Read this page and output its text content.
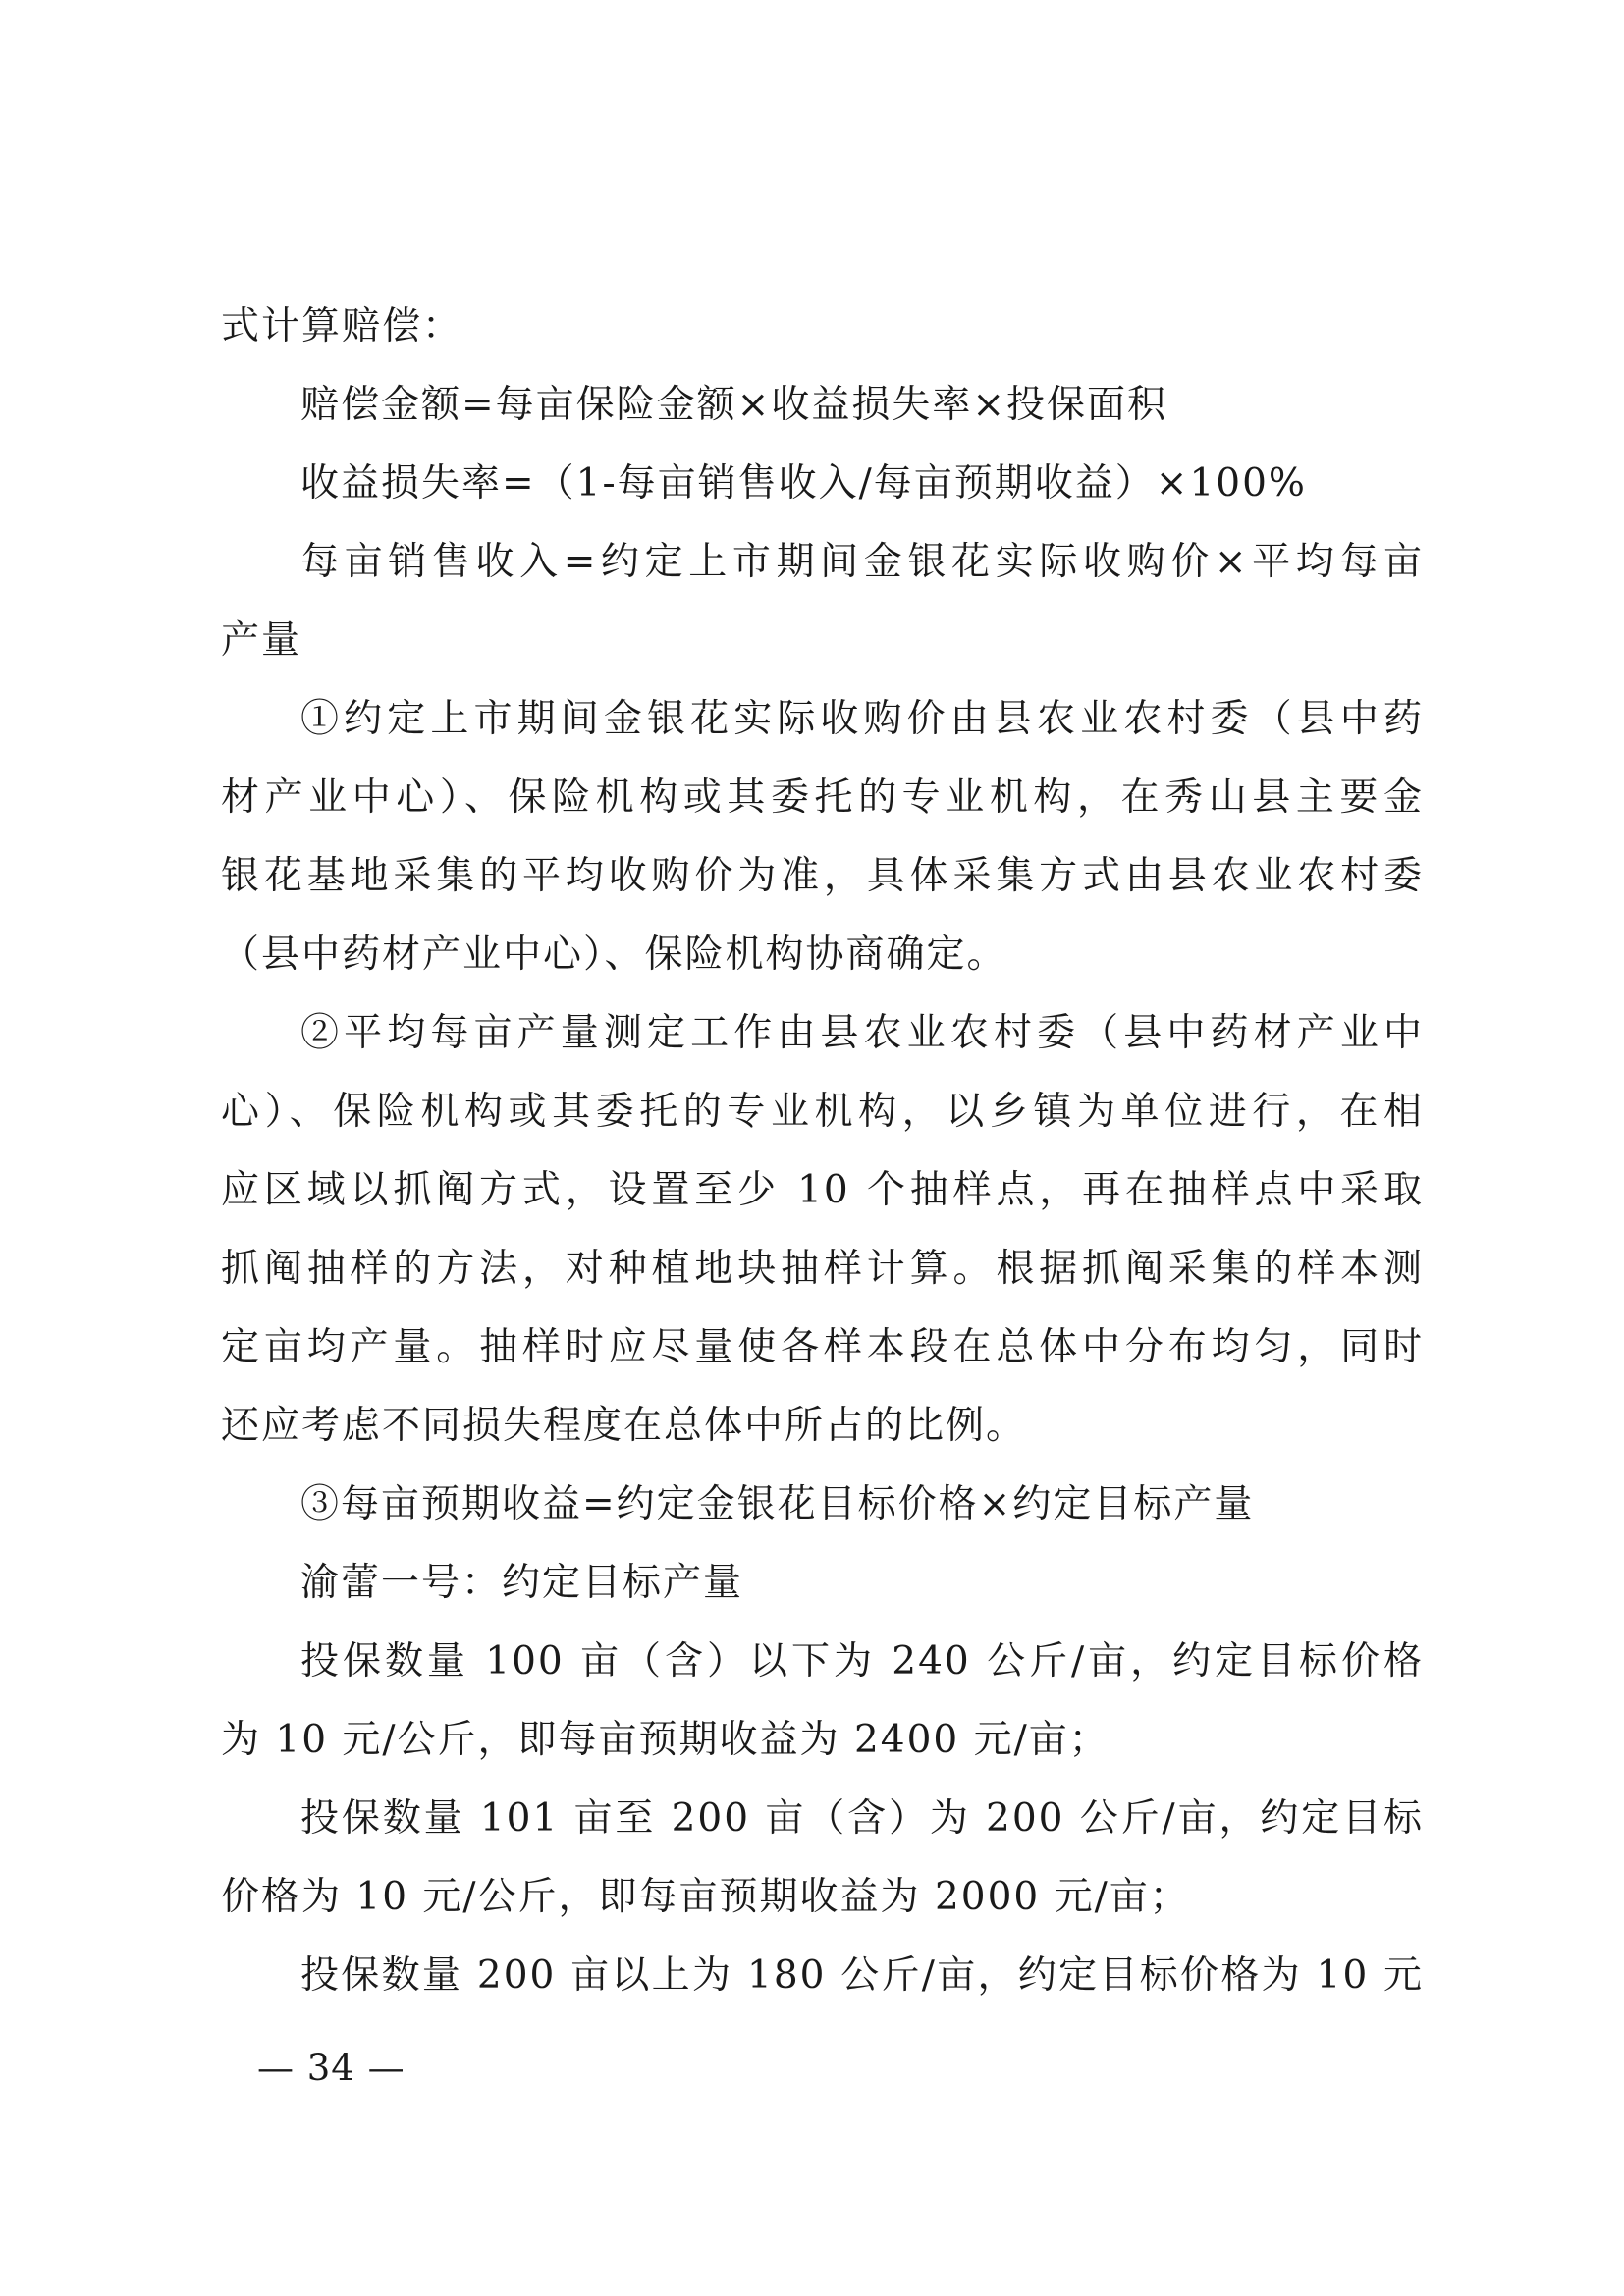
式计算赔偿：
赔偿金额=每亩保险金额×收益损失率×投保面积
收益损失率=（1-每亩销售收入/每亩预期收益）×100%
每亩销售收入=约定上市期间金银花实际收购价×平均每亩
产量
①约定上市期间金银花实际收购价由县农业农村委（县中药
材产业中心）、保险机构或其委托的专业机构，在秀山县主要金
银花基地采集的平均收购价为准，具体采集方式由县农业农村委
（县中药材产业中心）、保险机构协商确定。
②平均每亩产量测定工作由县农业农村委（县中药材产业中
心）、保险机构或其委托的专业机构，以乡镇为单位进行，在相
应区域以抓阄方式，设置至少 10 个抽样点，再在抽样点中采取
抓阄抽样的方法，对种植地块抽样计算。根据抓阄采集的样本测
定亩均产量。抽样时应尽量使各样本段在总体中分布均匀，同时
还应考虑不同损失程度在总体中所占的比例。
③每亩预期收益=约定金银花目标价格×约定目标产量
渝蕾一号：约定目标产量
投保数量 100 亩（含）以下为 240 公斤/亩，约定目标价格
为 10 元/公斤，即每亩预期收益为 2400 元/亩；
投保数量 101 亩至 200 亩（含）为 200 公斤/亩，约定目标
价格为 10 元/公斤，即每亩预期收益为 2000 元/亩；
投保数量 200 亩以上为 180 公斤/亩，约定目标价格为 10 元
— 34 —
